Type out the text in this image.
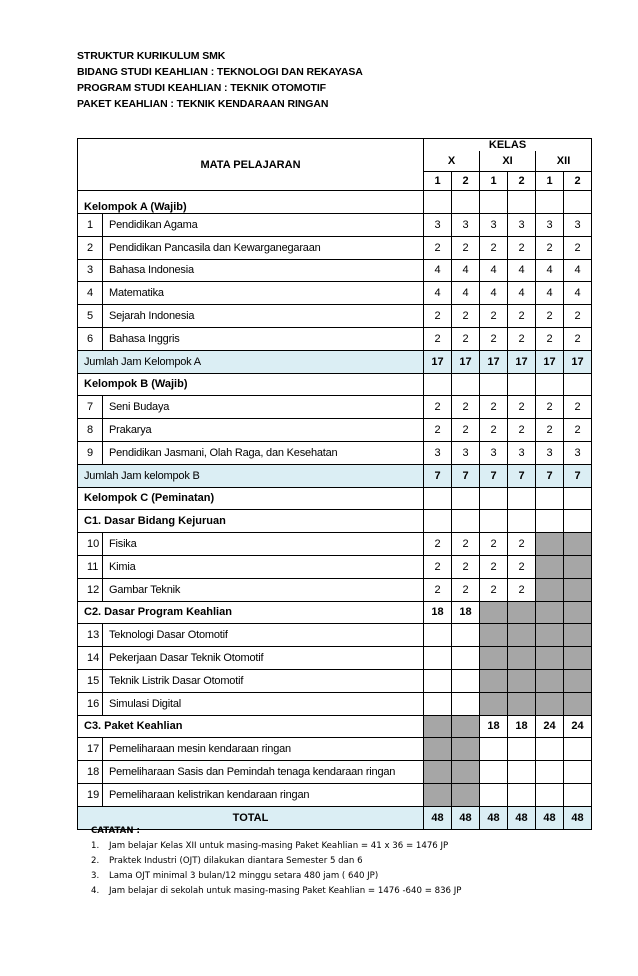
STRUKTUR KURIKULUM SMK
BIDANG STUDI KEAHLIAN : TEKNOLOGI DAN REKAYASA
PROGRAM STUDI KEAHLIAN : TEKNIK OTOMOTIF
PAKET KEAHLIAN : TEKNIK KENDARAAN RINGAN
MATA PELAJARAN		KELAS					
		X		XI		XII	
		1	2	1	2	1	2
Kelompok A (Wajib)							
1	Pendidikan Agama	3	3	3	3	3	3
2	Pendidikan Pancasila dan Kewarganegaraan	2	2	2	2	2	2
3	Bahasa Indonesia	4	4	4	4	4	4
4	Matematika	4	4	4	4	4	4
5	Sejarah Indonesia	2	2	2	2	2	2
6	Bahasa Inggris	2	2	2	2	2	2
Jumlah Jam Kelompok A		17	17	17	17	17	17
Kelompok B (Wajib)							
7	Seni Budaya	2	2	2	2	2	2
8	Prakarya	2	2	2	2	2	2
9	Pendidikan Jasmani, Olah Raga, dan Kesehatan	3	3	3	3	3	3
Jumlah Jam kelompok B		7	7	7	7	7	7
Kelompok C (Peminatan)							
C1. Dasar Bidang Kejuruan							
10	Fisika	2	2	2	2		
11	Kimia	2	2	2	2		
12	Gambar Teknik	2	2	2	2		
C2. Dasar Program Keahlian		18	18				
13	Teknologi Dasar Otomotif						
14	Pekerjaan Dasar Teknik Otomotif						
15	Teknik Listrik Dasar Otomotif						
16	Simulasi Digital						
C3. Paket Keahlian				18	18	24	24
17	Pemeliharaan mesin kendaraan ringan						
18	Pemeliharaan Sasis dan Pemindah tenaga kendaraan ringan						
19	Pemeliharaan kelistrikan kendaraan ringan						
TOTAL		48	48	48	48	48	48
CATATAN :
1.	Jam belajar Kelas XII untuk masing-masing Paket Keahlian = 41 x 36 = 1476 JP
2.	Praktek Industri (OJT) dilakukan diantara Semester 5 dan 6
3.	Lama OJT minimal 3 bulan/12 minggu setara 480 jam ( 640 JP)
4.	Jam belajar di sekolah untuk masing-masing Paket Keahlian = 1476 -640 = 836 JP
